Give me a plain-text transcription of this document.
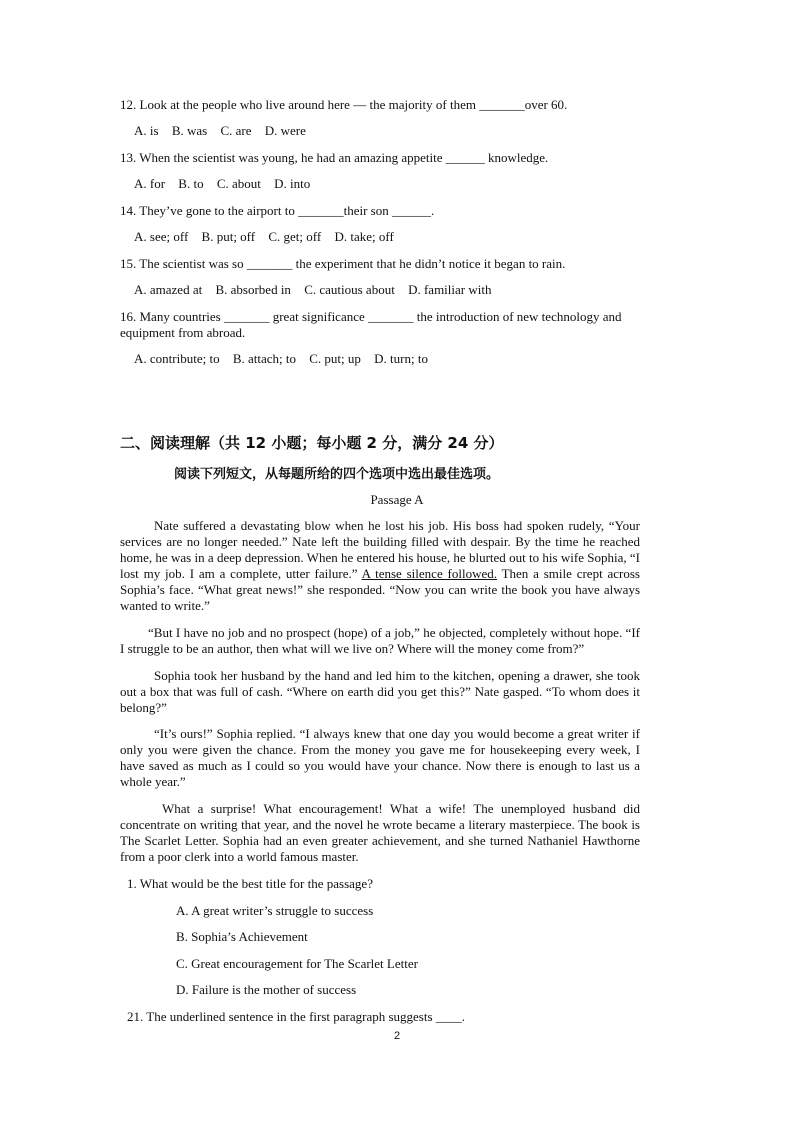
12. Look at the people who live around here — the majority of them _______over 60.
A. is B. was C. are D. were
13. When the scientist was young, he had an amazing appetite ______ knowledge.
A. for B. to C. about D. into
14. They’ve gone to the airport to _______their son ______.
A. see; off B. put; off C. get; off D. take; off
15. The scientist was so _______ the experiment that he didn’t notice it began to rain.
A. amazed at B. absorbed in C. cautious about D. familiar with
16. Many countries _______ great significance _______ the introduction of new technology and
equipment from abroad.
A. contribute; to B. attach; to C. put; up D. turn; to
二、阅读理解（共 12 小题；每小题 2 分，满分 24 分）
阅读下列短文，从每题所给的四个选项中选出最佳选项。
Passage A
Nate suffered a devastating blow when he lost his job. His boss had spoken rudely, “Your services are no longer needed.” Nate left the building filled with despair. By the time he reached home, he was in a deep depression. When he entered his house, he blurted out to his wife Sophia, “I lost my job. I am a complete, utter failure.” A tense silence followed. Then a smile crept across Sophia’s face. “What great news!” she responded. “Now you can write the book you have always wanted to write.”
“But I have no job and no prospect (hope) of a job,” he objected, completely without hope. “If I struggle to be an author, then what will we live on? Where will the money come from?”
Sophia took her husband by the hand and led him to the kitchen, opening a drawer, she took out a box that was full of cash. “Where on earth did you get this?” Nate gasped. “To whom does it belong?”
“It’s ours!” Sophia replied. “I always knew that one day you would become a great writer if only you were given the chance. From the money you gave me for housekeeping every week, I have saved as much as I could so you would have your chance. Now there is enough to last us a whole year.”
What a surprise! What encouragement! What a wife! The unemployed husband did concentrate on writing that year, and the novel he wrote became a literary masterpiece. The book is The Scarlet Letter. Sophia had an even greater achievement, and she turned Nathaniel Hawthorne from a poor clerk into a world famous master.
1. What would be the best title for the passage?
A. A great writer’s struggle to success
B. Sophia’s Achievement
C. Great encouragement for The Scarlet Letter
D. Failure is the mother of success
21. The underlined sentence in the first paragraph suggests ____.
2
